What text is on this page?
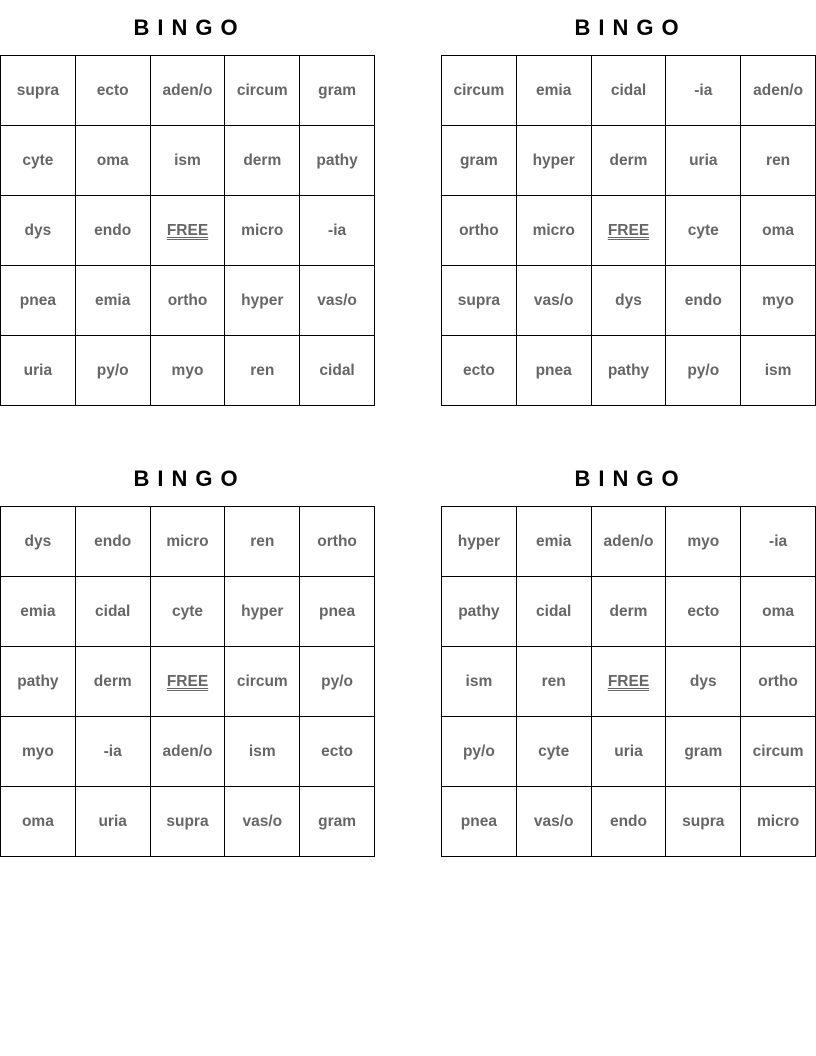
BINGO
supra	ecto	aden/o	circum	gram
cyte	oma	ism	derm	pathy
dys	endo	FREE	micro	-ia
pnea	emia	ortho	hyper	vas/o
uria	py/o	myo	ren	cidal
BINGO
circum	emia	cidal	-ia	aden/o
gram	hyper	derm	uria	ren
ortho	micro	FREE	cyte	oma
supra	vas/o	dys	endo	myo
ecto	pnea	pathy	py/o	ism
BINGO
dys	endo	micro	ren	ortho
emia	cidal	cyte	hyper	pnea
pathy	derm	FREE	circum	py/o
myo	-ia	aden/o	ism	ecto
oma	uria	supra	vas/o	gram
BINGO
hyper	emia	aden/o	myo	-ia
pathy	cidal	derm	ecto	oma
ism	ren	FREE	dys	ortho
py/o	cyte	uria	gram	circum
pnea	vas/o	endo	supra	micro
